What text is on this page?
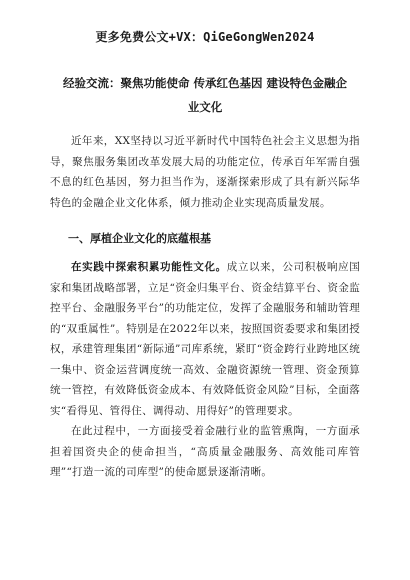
更多免费公文+VX：QiGeGongWen2024
经验交流：聚焦功能使命 传承红色基因 建设特色金融企
业文化

近年来，XX坚持以习近平新时代中国特色社会主义思想为指导，聚焦服务集团改革发展大局的功能定位，传承百年军需自强不息的红色基因，努力担当作为，逐渐探索形成了具有新兴际华特色的金融企业文化体系，倾力推动企业实现高质量发展。

一、厚植企业文化的底蕴根基

在实践中探索积累功能性文化。成立以来，公司积极响应国家和集团战略部署，立足“资金归集平台、资金结算平台、资金监控平台、金融服务平台”的功能定位，发挥了金融服务和辅助管理的“双重属性”。特别是在2022年以来，按照国资委要求和集团授权，承建管理集团“新际通”司库系统，紧盯“资金跨行业跨地区统一集中、资金运营调度统一高效、金融资源统一管理、资金预算统一管控，有效降低资金成本、有效降低资金风险”目标，全面落实“看得见、管得住、调得动、用得好”的管理要求。

在此过程中，一方面接受着金融行业的监管熏陶，一方面承担着国资央企的使命担当，“高质量金融服务、高效能司库管理”“打造一流的司库型”的使命愿景逐渐清晰。
